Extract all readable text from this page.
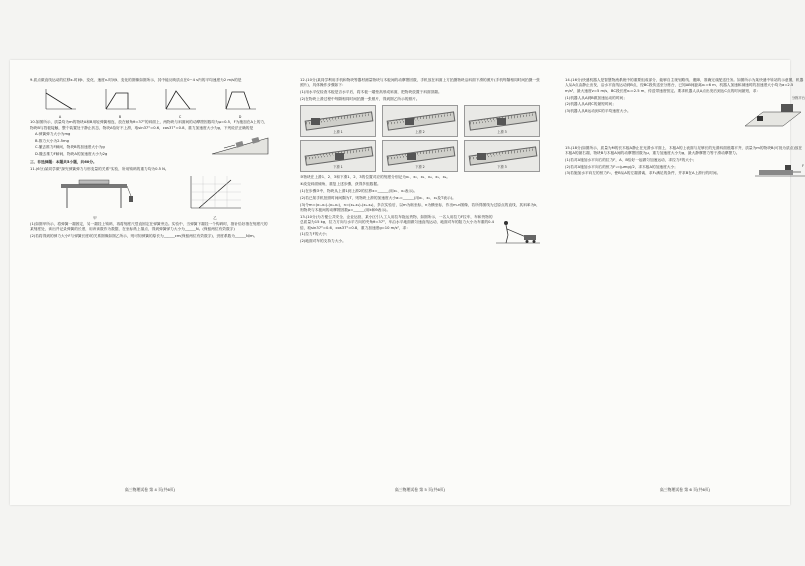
9.质点做直线运动的位移x-时间t、变化、速度v-时间t、变化的图像如图所示，其中能反映质点在0~4 s内的平均速度为2 m/s的是

A	B	C	D

10.如图所示，质量均为m的物块A和B用轻弹簧相连，放在倾角θ=37°的斜面上，两物块与斜面间的动摩擦因数均为μ=0.5，F为施加在A上的力，物块B与挡板接触，整个装置处于静止状态，物块A恰好不上滑，取sin37°=0.6，cos37°=0.8，重力加速度大小为g，下列说法正确的是

A.弹簧弹力大小为mg

B.推力大小为2.5mg

C.撤去推力F瞬间，物块B的加速度大小为g

D.撤去推力F瞬间，物块A的加速度大小为2g

三、非选择题：本题共5小题，共60分。

11.(6分)某同学做"探究弹簧弹力与形变量的关系"实验，所用钩码的重力均为0.5 N。

甲	乙

(1)如图甲所示，将弹簧一端固定，另一端挂上钩码，再将刻度尺竖直固定在弹簧旁边。实验中，当弹簧下端挂一个钩码时，指针恰好指在刻度尺的某刻度处，读出并记录弹簧的长度，用该读数作为数据，在坐标纸上描点，得到弹簧弹力大小为______N。(保留两位有效数字)

(2)若将得到的弹力大小F与弹簧长度l的关系图像如图乙所示，则可知弹簧的原长为______cm(保留两位有效数字)，劲度系数为______N/m。

高三物理试卷 第 4 页(共6页)

12.(10分)某同学利用手机和物块等器材测量物块与木板间的动摩擦因数，手机放在斜面上方拍摄物块沿斜面下滑的照片(手机每隔相同时间拍摄一张照片)，具体操作步骤如下：

(1)用水平仪检查木板是否水平后，将木板一端垫高形成斜面，把物块放置于斜面顶端。

(2)在物块上滑过程中每隔相同时间拍摄一张照片，得到图乙所示的照片。

上滑 1	上滑 2	上滑 3
下滑 1	下滑 2	下滑 3

③物块在上滑1、2、3和下滑1、2、3的位置对应的刻度分别记为x₁、x₂、x₃、x₄、x₅、x₆。

④改变斜面倾角，重复上述步骤，获得多组数据。

(1)在步骤③中，物块从上滑1到上滑2的位移x=______(用x₁、x₂表示)。

(2)若已知手机拍照时间间隔为T，则物块上滑的加速度大小a₁=______(用x₁、x₂、x₃及T表示)。

(3)令m=(x₁-x₂)-(x₃-x₂)，n=(x₆-x₅)-(x₅-x₄)，多次实验后，以m为纵坐标，n为横坐标，作出m-n图像，若所得图线为过原点的直线，其斜率为k，则物块与木板间的动摩擦因数μ=______(用k和θ表示)。

13.(10分)为方便公共安全、企业运营，某小区引入工人用拉车拖运货物，如图所示，一名人用拉力F拉车，车和货物的总质量为15 kg，拉力方向与水平方向的夹角θ=37°，车沿水平地面做匀速直线运动，地面对车的阻力大小为车重的0.4倍，取sin37°=0.6，cos37°=0.8，重力加速度g=10 m/s²，求：

(1)拉力F的大小；

(2)地面对车的支持力大小。

高三物理试卷 第 5 页(共6页)

14.(16分)快递机器人是智慧物流系统中的重要组成部分，能够自主规划路线、避障，准确完成配送任务。如图所示为某快递中转站的示意图，机器人从A点由静止出发，沿水平直线运动到B点，经BC段传送至分拣台，已知AB间距离x₁=6 m，机器人加速和减速时的加速度大小均为a=2.5 m/s²，最大速度v=5 m/s，BC段长度x₂=2.5 m，传送带速度恒定。要求机器人从A点出发后到达C点的时间最短，求：

(1)机器人从A到B做加速运动的时间；

(2)机器人从A到C的最短时间；

(3)机器人从B运动到C的平均速度大小。

分拣平台

15.(18分)如图所示，质量为M的长木板A静止在光滑水平面上，木板A的上表面与足够长的光滑斜面底端平齐，质量为m的物块B(可视为质点)放在木板A的最右端，物块B与木板A间的动摩擦因数为μ，重力加速度大小为g，最大静摩擦力等于滑动摩擦力。

(1)若对A施加水平向右的拉力F，A、B恰好一起做匀加速运动，求拉力F的大小；

(2)若对A施加水平向右的恒力F₁=(μmg)/2，求木板A的加速度大小；

(3)若施加水平向左的恒力F₂，使B从A的左端滑离，求F₂满足的条件，并求B在A上滑行的时间。

F
高三物理试卷 第 6 页(共6页)
